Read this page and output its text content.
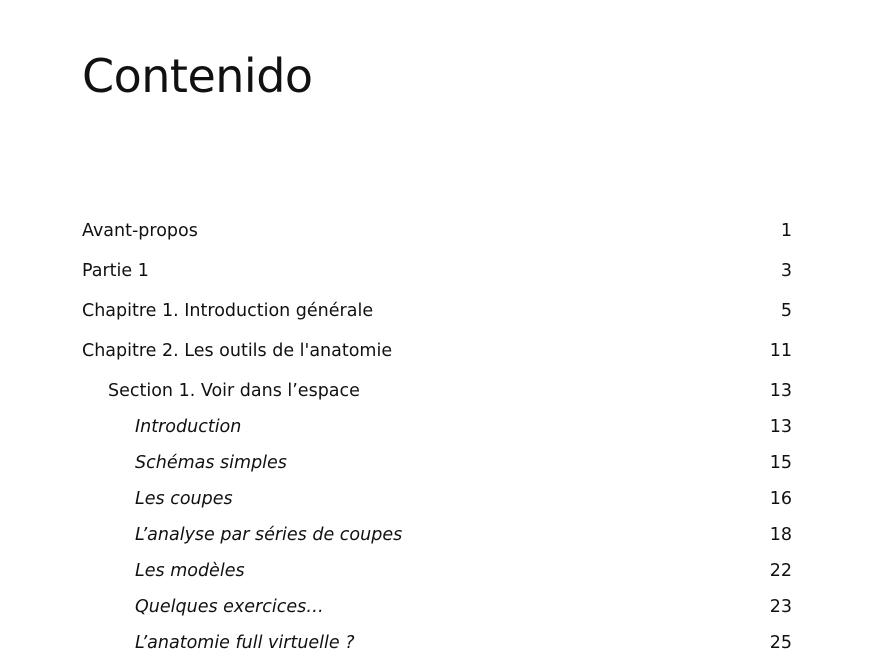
Contenido
Avant-propos	1
Partie 1	3
Chapitre 1. Introduction générale	5
Chapitre 2. Les outils de l'anatomie	11
Section 1. Voir dans l’espace	13
Introduction	13
Schémas simples	15
Les coupes	16
L’analyse par séries de coupes	18
Les modèles	22
Quelques exercices…	23
L’anatomie full virtuelle ?	25
